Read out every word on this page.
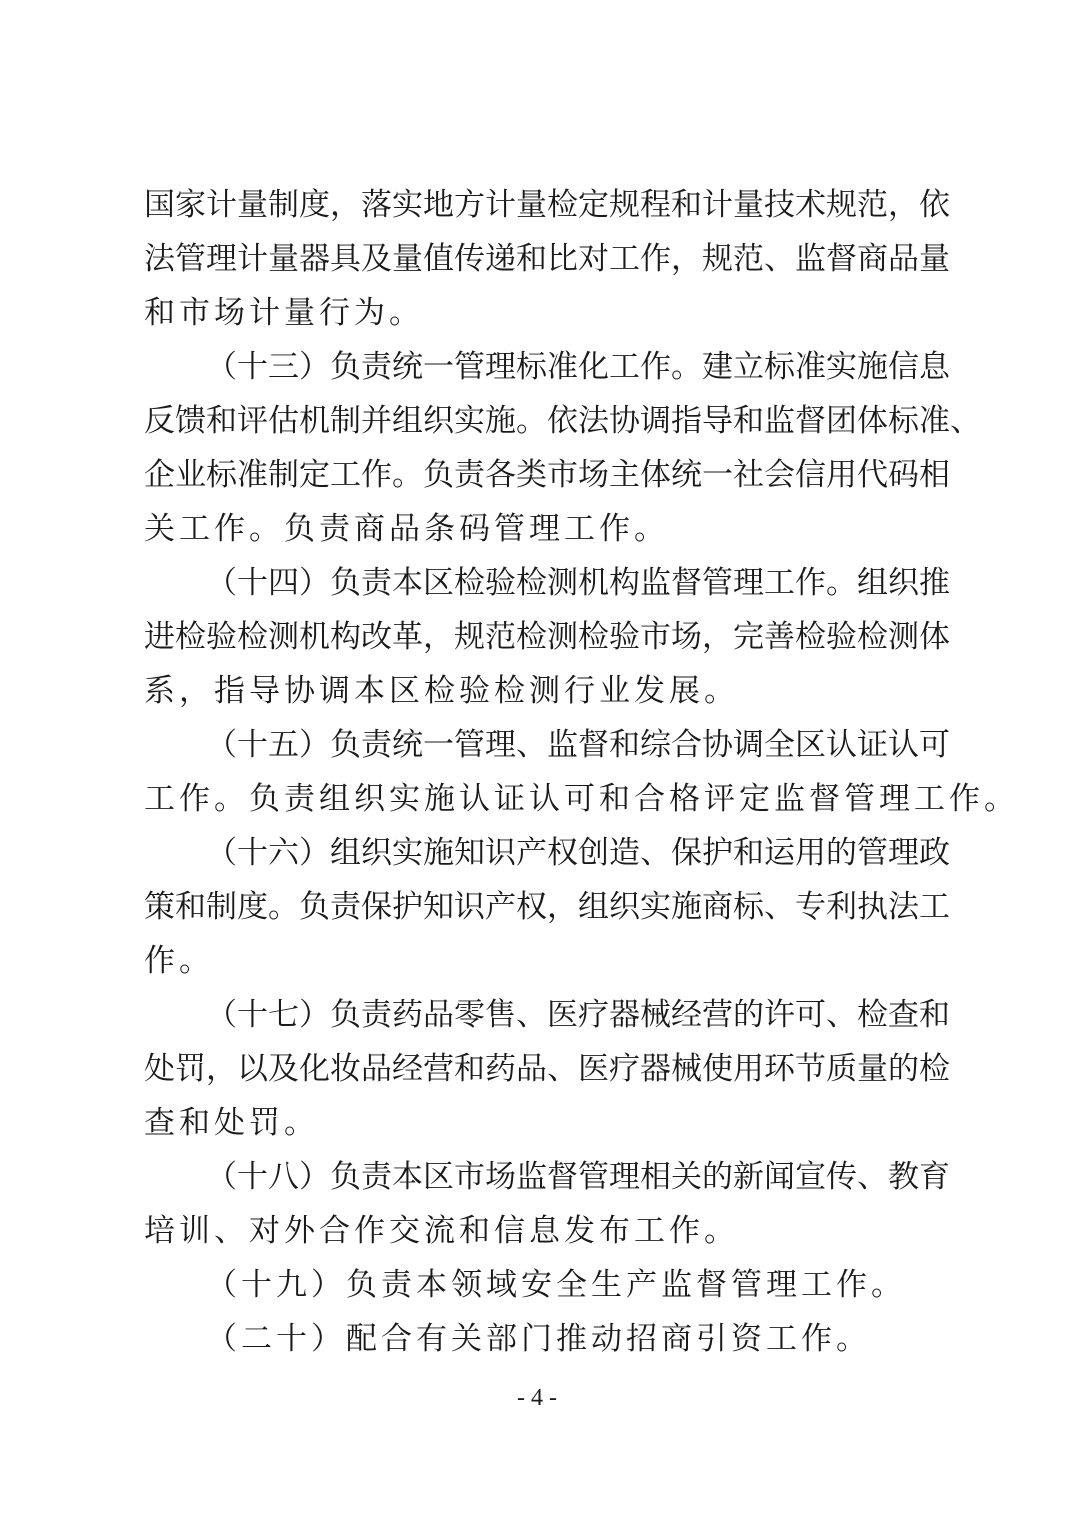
国家计量制度，落实地方计量检定规程和计量技术规范，依
法管理计量器具及量值传递和比对工作，规范、监督商品量
和市场计量行为。
（十三）负责统一管理标准化工作。建立标准实施信息
反馈和评估机制并组织实施。依法协调指导和监督团体标准、
企业标准制定工作。负责各类市场主体统一社会信用代码相
关工作。负责商品条码管理工作。
（十四）负责本区检验检测机构监督管理工作。组织推
进检验检测机构改革，规范检测检验市场，完善检验检测体
系，指导协调本区检验检测行业发展。
（十五）负责统一管理、监督和综合协调全区认证认可
工作。负责组织实施认证认可和合格评定监督管理工作。
（十六）组织实施知识产权创造、保护和运用的管理政
策和制度。负责保护知识产权，组织实施商标、专利执法工
作。
（十七）负责药品零售、医疗器械经营的许可、检查和
处罚，以及化妆品经营和药品、医疗器械使用环节质量的检
查和处罚。
（十八）负责本区市场监督管理相关的新闻宣传、教育
培训、对外合作交流和信息发布工作。
（十九）负责本领域安全生产监督管理工作。
（二十）配合有关部门推动招商引资工作。
- 4 -
